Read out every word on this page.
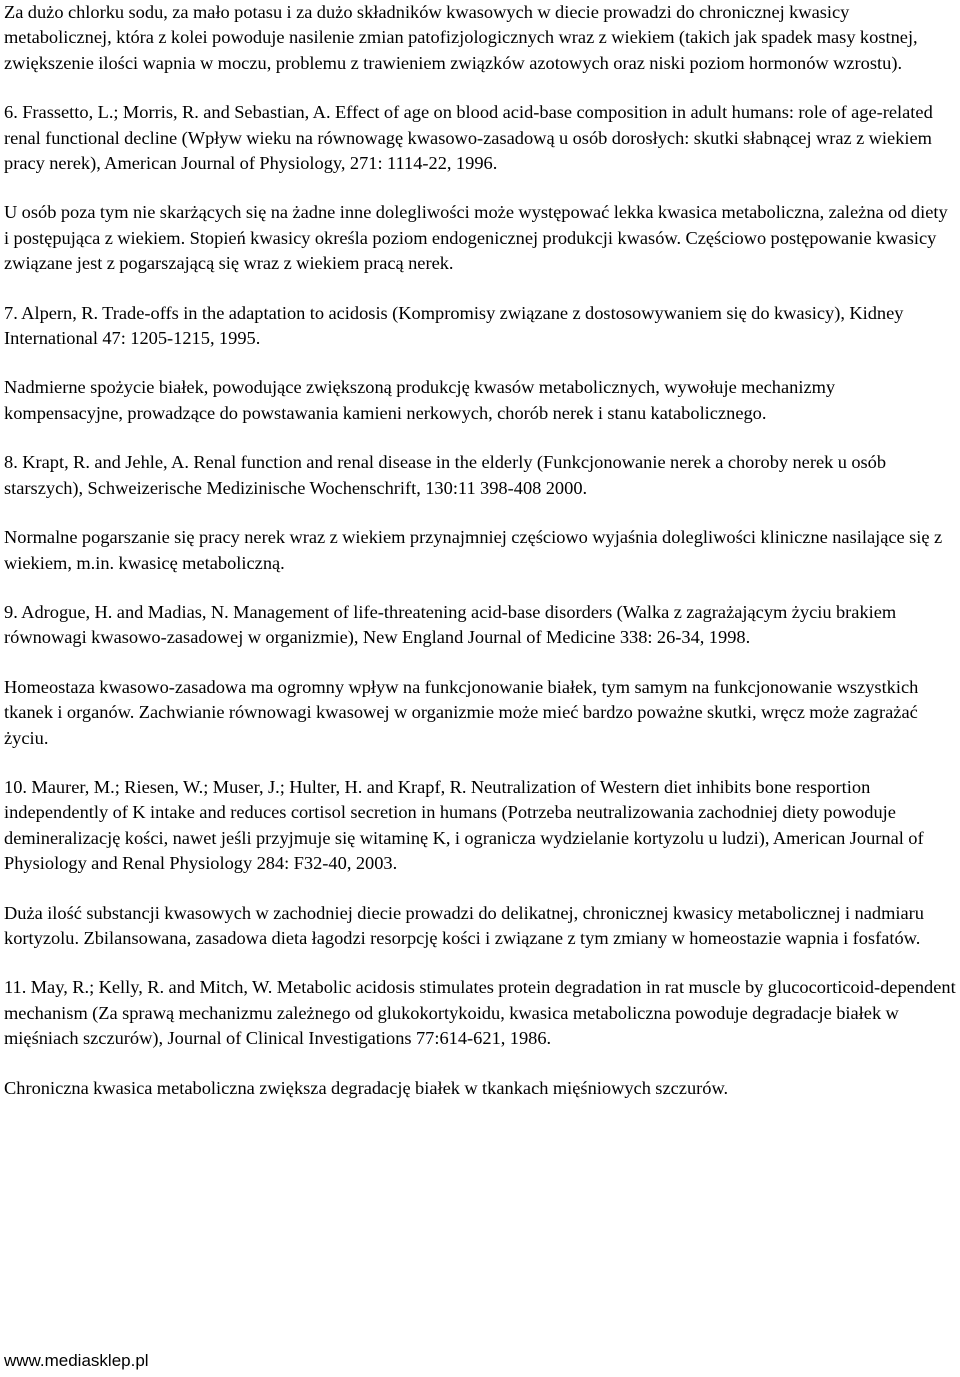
Za dużo chlorku sodu, za mało potasu i za dużo składników kwasowych w diecie prowadzi do chronicznej kwasicy metabolicznej, która z kolei powoduje nasilenie zmian patofizjologicznych wraz z wiekiem (takich jak spadek masy kostnej, zwiększenie ilości wapnia w moczu, problemu z trawieniem związków azotowych oraz niski poziom hormonów wzrostu).

6. Frassetto, L.; Morris, R. and Sebastian, A. Effect of age on blood acid-base composition in adult humans: role of age-related renal functional decline (Wpływ wieku na równowagę kwasowo-zasadową u osób dorosłych: skutki słabnącej wraz z wiekiem pracy nerek), American Journal of Physiology, 271: 1114-22, 1996.

U osób poza tym nie skarżących się na żadne inne dolegliwości może występować lekka kwasica metaboliczna, zależna od diety i postępująca z wiekiem. Stopień kwasicy określa poziom endogenicznej produkcji kwasów. Częściowo postępowanie kwasicy związane jest z pogarszającą się wraz z wiekiem pracą nerek.

7. Alpern, R. Trade-offs in the adaptation to acidosis (Kompromisy związane z dostosowywaniem się do kwasicy), Kidney International 47: 1205-1215, 1995.

Nadmierne spożycie białek, powodujące zwiększoną produkcję kwasów metabolicznych, wywołuje mechanizmy kompensacyjne, prowadzące do powstawania kamieni nerkowych, chorób nerek i stanu katabolicznego.

8. Krapt, R. and Jehle, A. Renal function and renal disease in the elderly (Funkcjonowanie nerek a choroby nerek u osób starszych), Schweizerische Medizinische Wochenschrift, 130:11 398-408 2000.

Normalne pogarszanie się pracy nerek wraz z wiekiem przynajmniej częściowo wyjaśnia dolegliwości kliniczne nasilające się z wiekiem, m.in. kwasicę metaboliczną.

9. Adrogue, H. and Madias, N. Management of life-threatening acid-base disorders (Walka z zagrażającym życiu brakiem równowagi kwasowo-zasadowej w organizmie), New England Journal of Medicine 338: 26-34, 1998.

Homeostaza kwasowo-zasadowa ma ogromny wpływ na funkcjonowanie białek, tym samym na funkcjonowanie wszystkich tkanek i organów. Zachwianie równowagi kwasowej w organizmie może mieć bardzo poważne skutki, wręcz może zagrażać życiu.

10. Maurer, M.; Riesen, W.; Muser, J.; Hulter, H. and Krapf, R. Neutralization of Western diet inhibits bone resportion independently of K intake and reduces cortisol secretion in humans (Potrzeba neutralizowania zachodniej diety powoduje demineralizację kości, nawet jeśli przyjmuje się witaminę K, i ogranicza wydzielanie kortyzolu u ludzi), American Journal of Physiology and Renal Physiology 284: F32-40, 2003.

Duża ilość substancji kwasowych w zachodniej diecie prowadzi do delikatnej, chronicznej kwasicy metabolicznej i nadmiaru kortyzolu. Zbilansowana, zasadowa dieta łagodzi resorpcję kości i związane z tym zmiany w homeostazie wapnia i fosfatów.

11. May, R.; Kelly, R. and Mitch, W. Metabolic acidosis stimulates protein degradation in rat muscle by glucocorticoid-dependent mechanism (Za sprawą mechanizmu zależnego od glukokortykoidu, kwasica metaboliczna powoduje degradacje białek w mięśniach szczurów), Journal of Clinical Investigations 77:614-621, 1986.

Chroniczna kwasica metaboliczna zwiększa degradację białek w tkankach mięśniowych szczurów.

www.mediasklep.pl
